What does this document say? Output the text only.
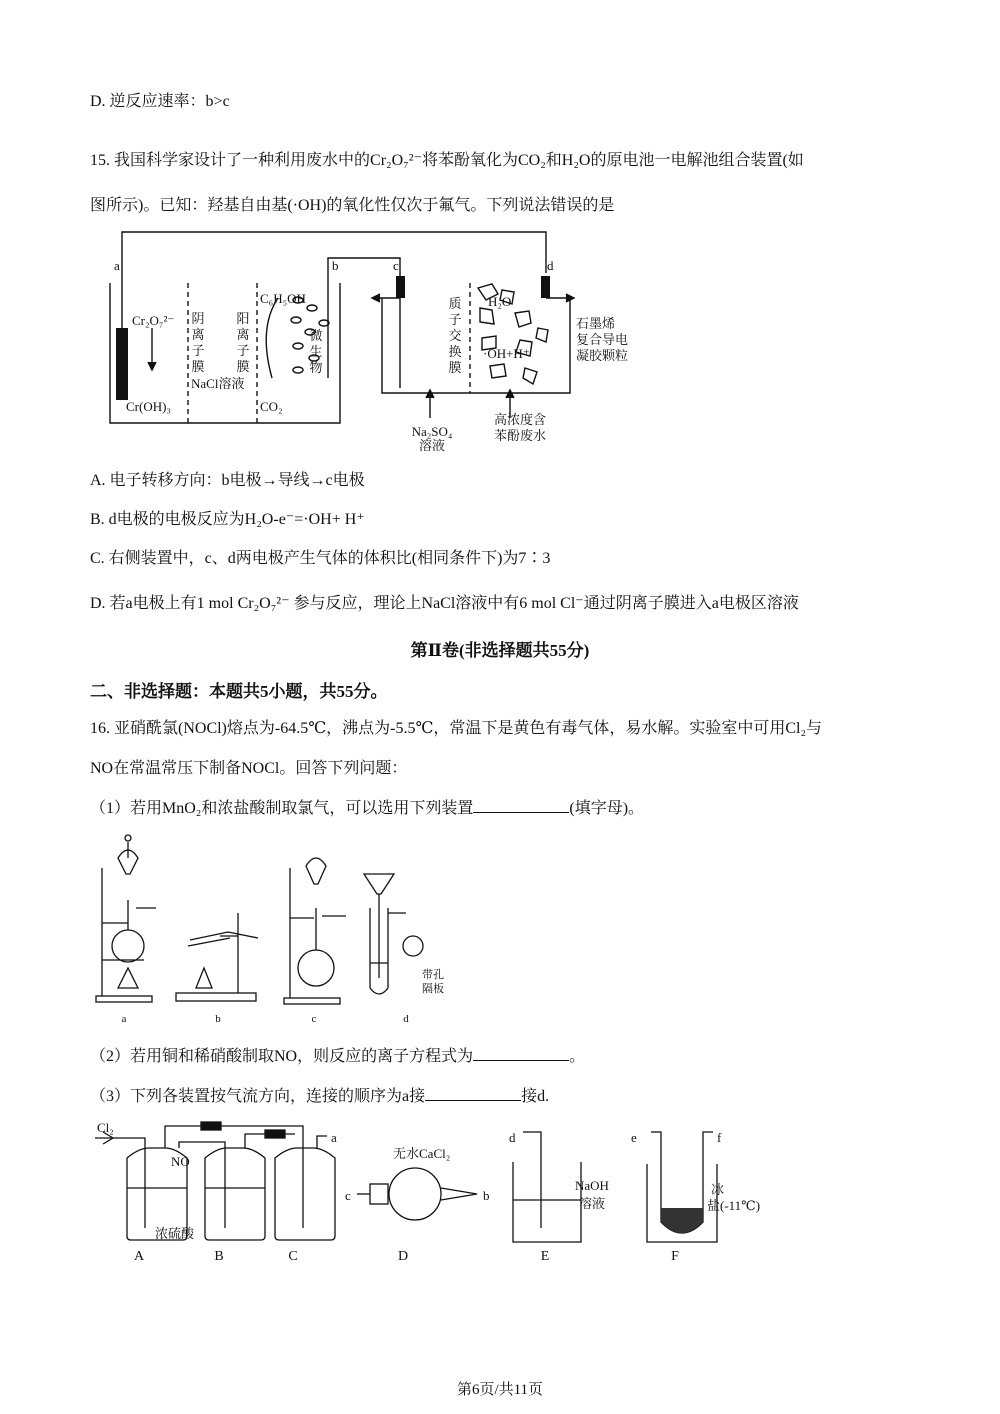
D. 逆反应速率：b>c
15. 我国科学家设计了一种利用废水中的Cr₂O₇²⁻将苯酚氧化为CO₂和H₂O的原电池一电解池组合装置(如
图所示)。已知：羟基自由基(·OH)的氧化性仅次于氟气。下列说法错误的是
a	b	c	d
Cr₂O₇²⁻
Cr(OH)₃
NaCl溶液
C₆H₅OH
CO₂
H₂O
·OH+H⁺
阴
离
子
膜
阳
离
子
膜
微
生
物
质
子
交
换
膜
Na₂SO₄
溶液
高浓度含
苯酚废水
石墨烯
复合导电
凝胶颗粒
A. 电子转移方向：b电极→导线→c电极
B. d电极的电极反应为H₂O-e⁻=·OH+ H⁺
C. 右侧装置中，c、d两电极产生气体的体积比(相同条件下)为7∶3
D. 若a电极上有1 mol Cr₂O₇²⁻ 参与反应，理论上NaCl溶液中有6 mol Cl⁻通过阴离子膜进入a电极区溶液
第Ⅱ卷(非选择题共55分)
二、非选择题：本题共5小题，共55分。
16. 亚硝酰氯(NOCl)熔点为-64.5℃，沸点为-5.5℃，常温下是黄色有毒气体，易水解。实验室中可用Cl₂与
NO在常温常压下制备NOCl。回答下列问题：
（1）若用MnO₂和浓盐酸制取氯气，可以选用下列装置	(填字母)。
a	b	c	d
带孔
隔板
（2）若用铜和稀硝酸制取NO，则反应的离子方程式为	。
（3）下列各装置按气流方向，连接的顺序为a接	接d.
Cl₂
NO
a
浓硫酸
无水CaCl₂
c	b
d
NaOH
溶液
e	f
冰
盐(-11℃)
A	B	C	D	E	F
第6页/共11页
